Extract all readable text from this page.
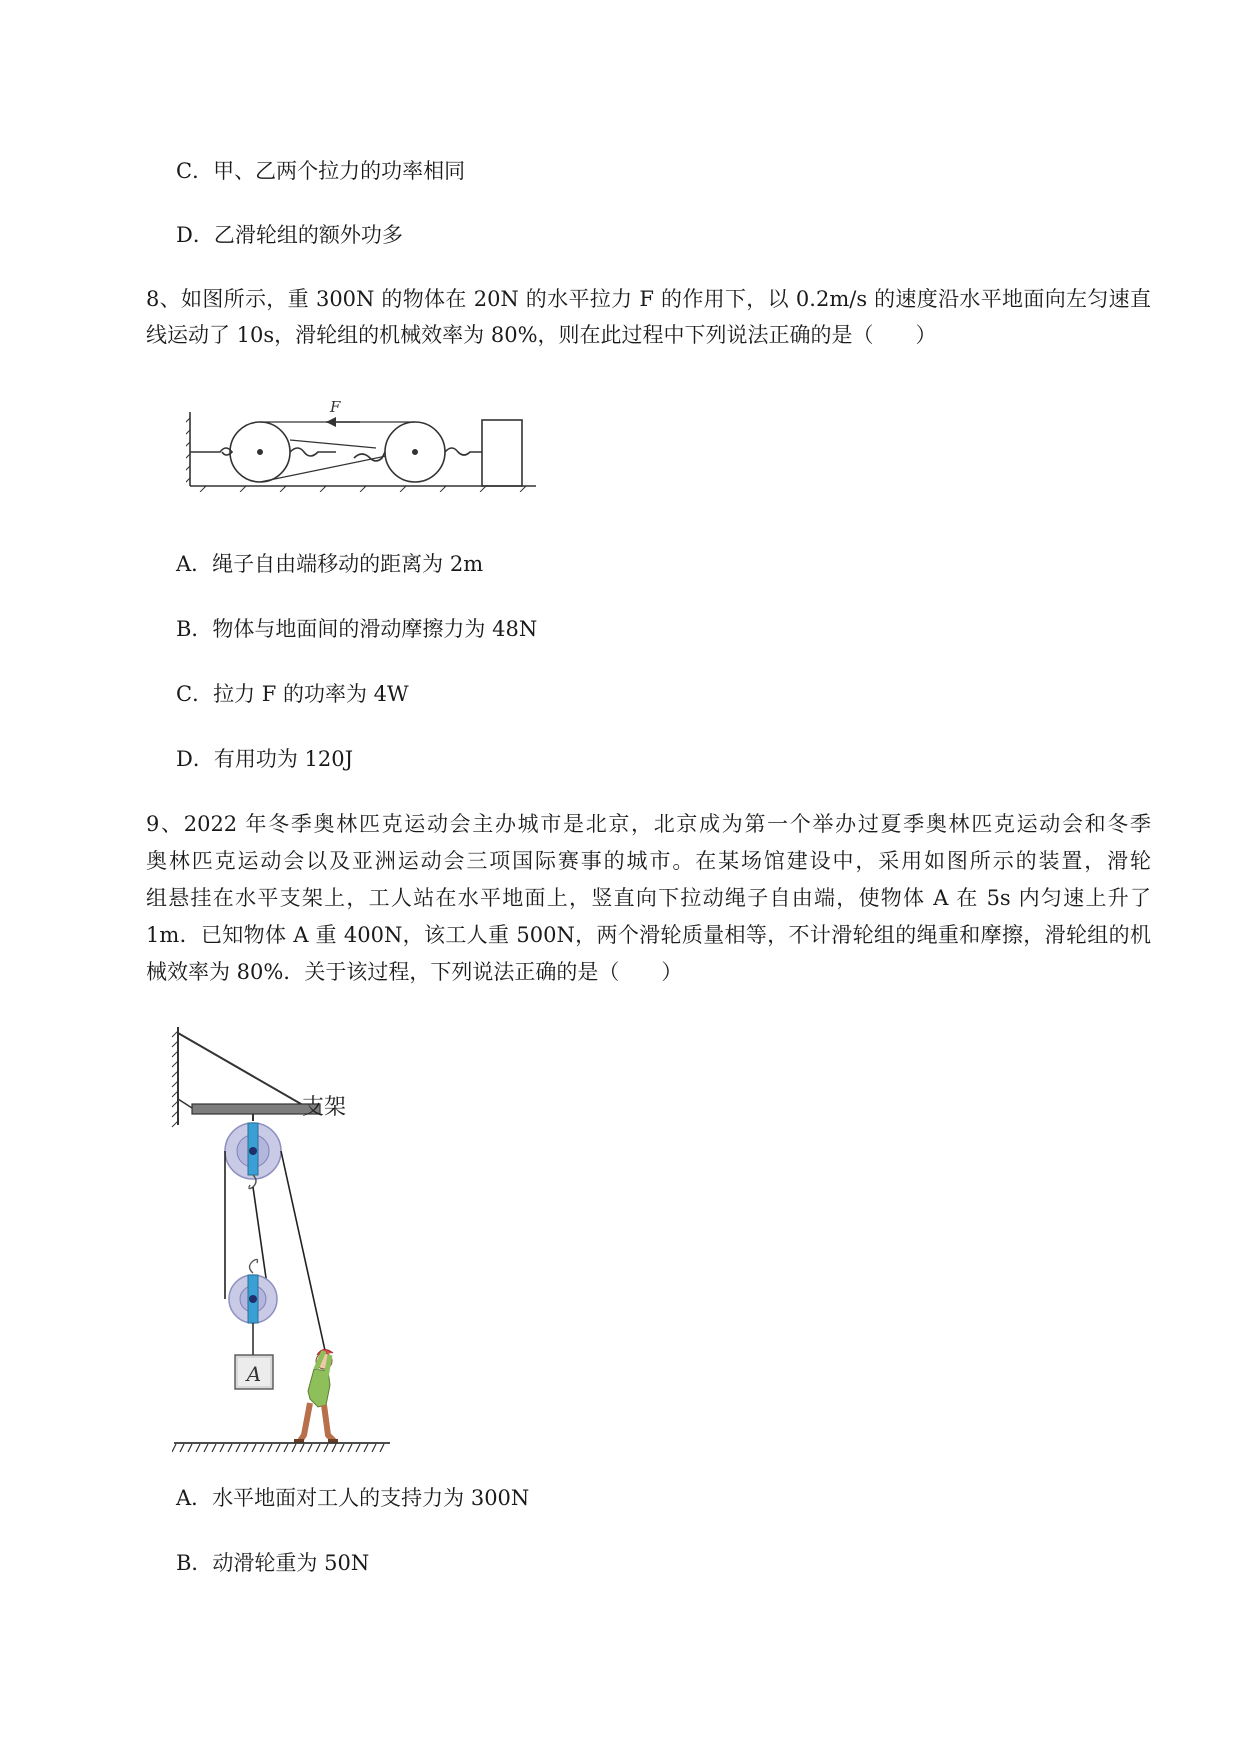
C．甲、乙两个拉力的功率相同
D．乙滑轮组的额外功多
8、如图所示，重 300N 的物体在 20N 的水平拉力 F 的作用下，以 0.2m/s 的速度沿水平地面向左匀速直
线运动了 10s，滑轮组的机械效率为 80%，则在此过程中下列说法正确的是（　　）
F
A．绳子自由端移动的距离为 2m
B．物体与地面间的滑动摩擦力为 48N
C．拉力 F 的功率为 4W
D．有用功为 120J
9、2022 年冬季奥林匹克运动会主办城市是北京，北京成为第一个举办过夏季奥林匹克运动会和冬季
奥林匹克运动会以及亚洲运动会三项国际赛事的城市。在某场馆建设中，采用如图所示的装置，滑轮
组悬挂在水平支架上，工人站在水平地面上，竖直向下拉动绳子自由端，使物体 A 在 5s 内匀速上升了
1m．已知物体 A 重 400N，该工人重 500N，两个滑轮质量相等，不计滑轮组的绳重和摩擦，滑轮组的机
械效率为 80%．关于该过程，下列说法正确的是（　　）
A
支架
A．水平地面对工人的支持力为 300N
B．动滑轮重为 50N
